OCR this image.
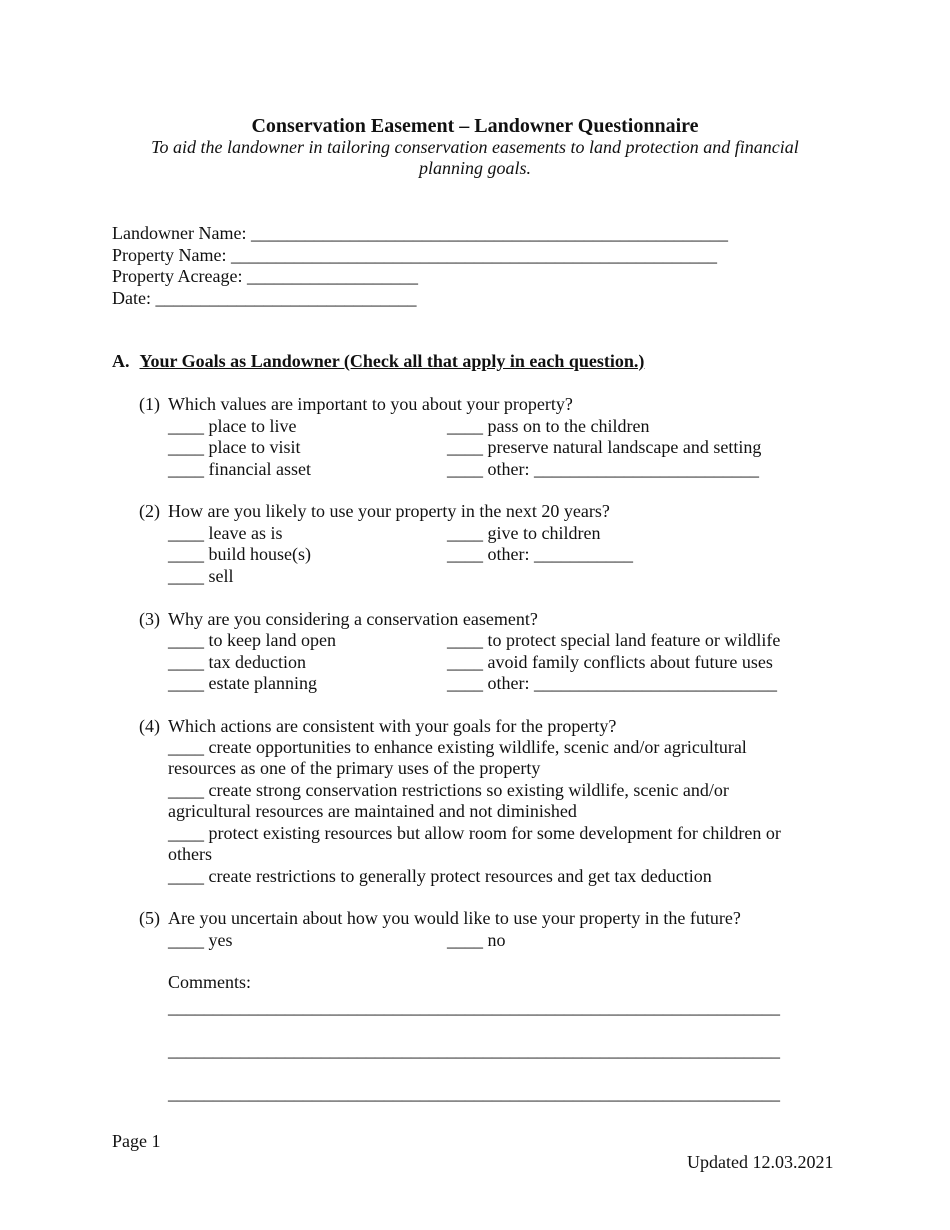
Conservation Easement – Landowner Questionnaire
To aid the landowner in tailoring conservation easements to land protection and financial planning goals.
Landowner Name: _____________________________________________________
Property Name: ______________________________________________________
Property Acreage: ___________________
Date: _____________________________
A. Your Goals as Landowner (Check all that apply in each question.)
(1) Which values are important to you about your property?
____ place to live
____ place to visit
____ financial asset
____ pass on to the children
____ preserve natural landscape and setting
____ other: _________________________
(2) How are you likely to use your property in the next 20 years?
____ leave as is
____ build house(s)
____ sell
____ give to children
____ other: ___________
(3) Why are you considering a conservation easement?
____ to keep land open
____ tax deduction
____ estate planning
____ to protect special land feature or wildlife
____ avoid family conflicts about future uses
____ other: ___________________________
(4) Which actions are consistent with your goals for the property?
____ create opportunities to enhance existing wildlife, scenic and/or agricultural resources as one of the primary uses of the property
____ create strong conservation restrictions so existing wildlife, scenic and/or agricultural resources are maintained and not diminished
____ protect existing resources but allow room for some development for children or others
____ create restrictions to generally protect resources and get tax deduction
(5) Are you uncertain about how you would like to use your property in the future?
____ yes	____ no
Comments:
____________________________________________________________________
____________________________________________________________________
____________________________________________________________________
Page 1
Updated 12.03.2021
